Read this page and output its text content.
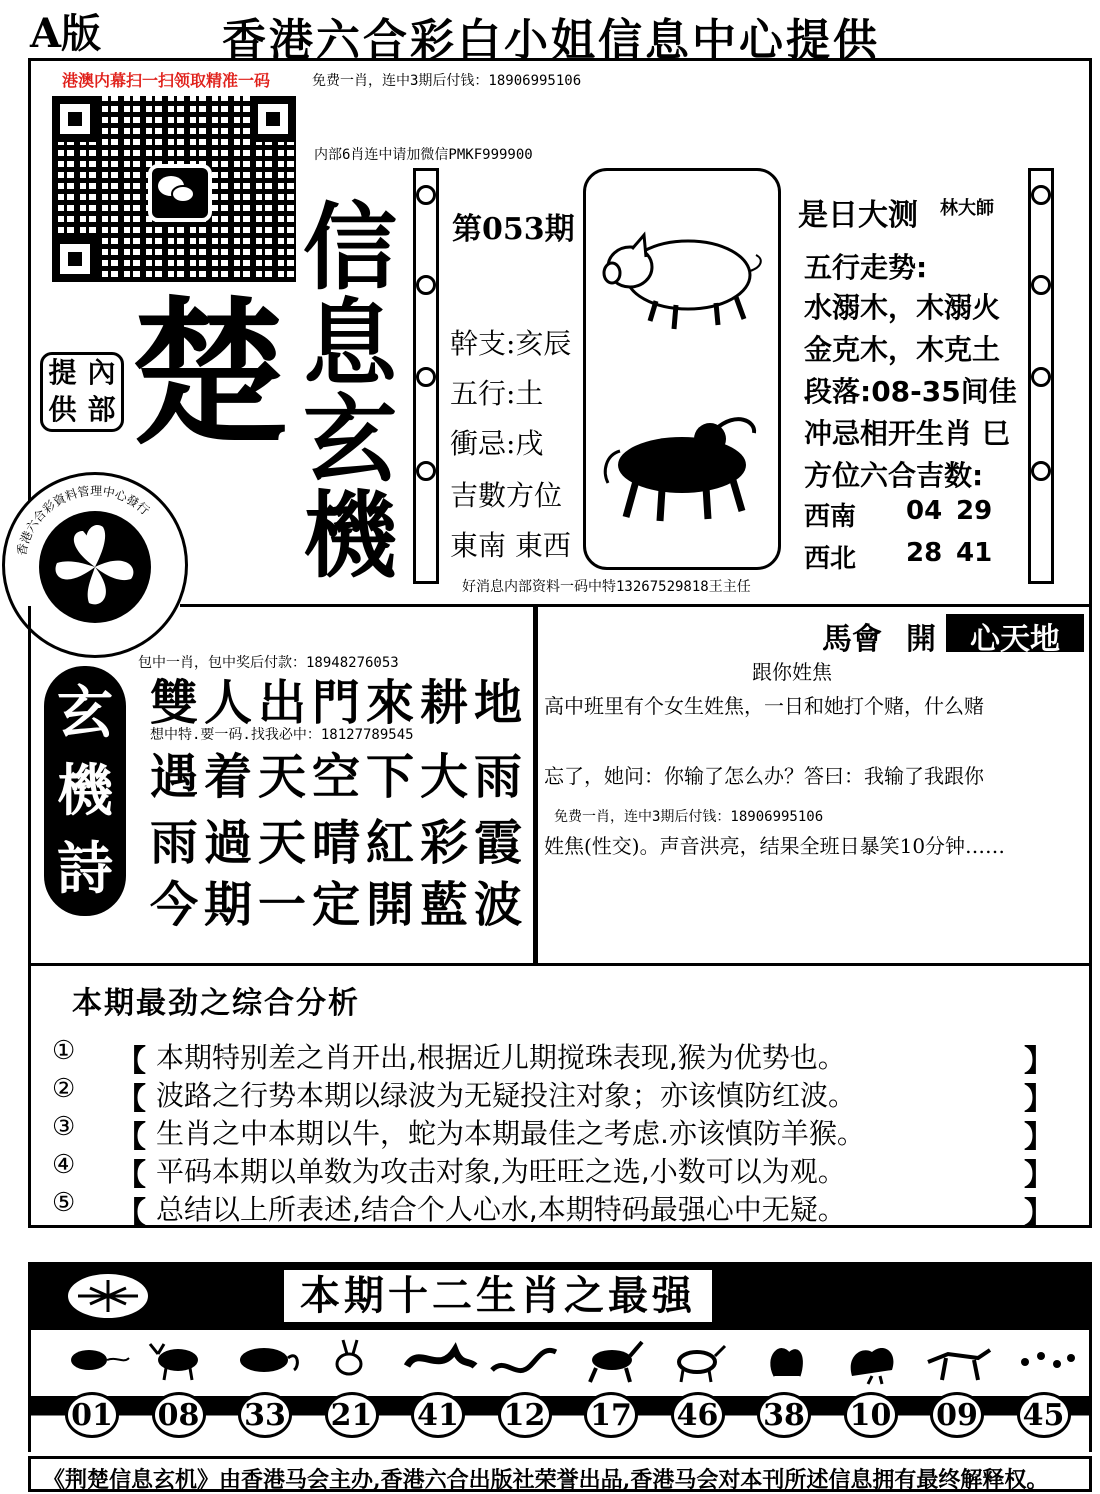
A版	香港六合彩白小姐信息中心提供
港澳内幕扫一扫领取精准一码	免费一肖，连中3期后付钱：18906995106
内部6肖连中请加微信PMKF999900
提 內
供 部 楚
香港六合彩資料管理中心發行
信
息
玄
機
第053期
幹支:亥辰
五行:土
衝忌:戌
吉數方位
東南 東西
是日大测 林大師
五行走势:
水溺木，木溺火
金克木，木克土
段落:08-35间佳
冲忌相开生肖 巳
方位六合吉数:
西南 04 29
西北 28 41
好消息内部资料一码中特13267529818王主任
包中一肖，包中奖后付款：18948276053
玄
機
詩
雙人出門來耕地
想中特.要一码.找我必中：18127789545
遇着天空下大雨
雨過天晴紅彩霞
今期一定開藍波
馬會 開	心天地
跟你姓焦
高中班里有个女生姓焦，一日和她打个赌，什么赌
忘了，她问：你输了怎么办？答曰：我输了我跟你
免费一肖，连中3期后付钱：18906995106
姓焦(性交)。声音洪亮，结果全班日暴笑10分钟……
本期最劲之综合分析
① 【 本期特别差之肖开出,根据近儿期搅珠表现,猴为优势也。	】
② 【 波路之行势本期以绿波为无疑投注对象；亦该慎防红波。	】
③ 【 生肖之中本期以牛，蛇为本期最佳之考虑.亦该慎防羊猴。	】
④ 【 平码本期以单数为攻击对象,为旺旺之选,小数可以为观。	】
⑤ 【 总结以上所表述,结合个人心水,本期特码最强心中无疑。	】
本期十二生肖之最强
01 08 33 21 41 12 17 46 38 10 09 45
《荆楚信息玄机》由香港马会主办,香港六合出版社荣誉出品,香港马会对本刊所述信息拥有最终解释权。
